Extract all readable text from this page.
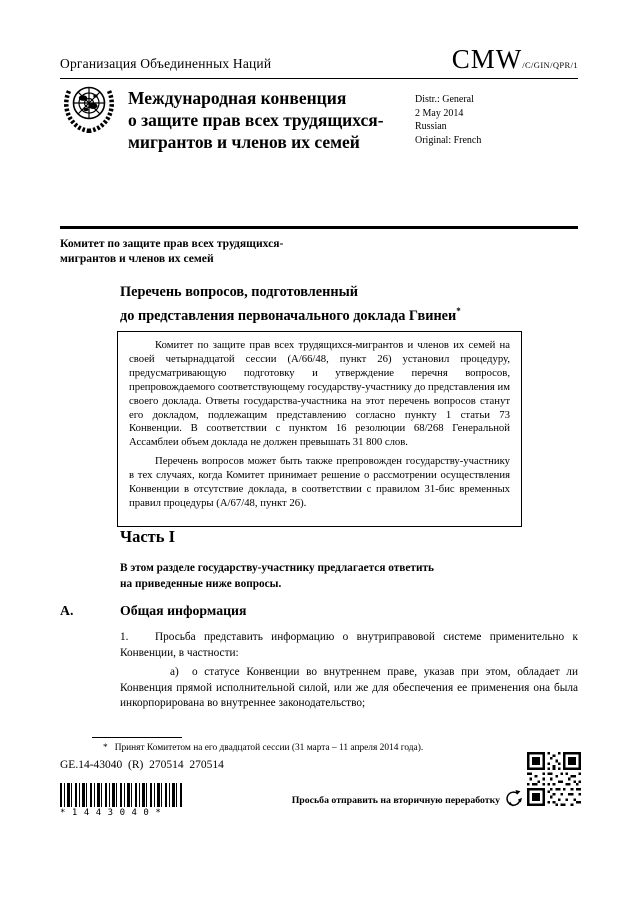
Организация Объединенных Наций	CMW/C/GIN/QPR/1
Международная конвенция
о защите прав всех трудящихся-
мигрантов и членов их семей
Distr.: General
2 May 2014
Russian
Original: French
Комитет по защите прав всех трудящихся-
мигрантов и членов их семей
Перечень вопросов, подготовленный
до представления первоначального доклада Гвинеи*

Комитет по защите прав всех трудящихся-мигрантов и членов их семей на своей четырнадцатой сессии (A/66/48, пункт 26) установил процедуру, предусматривающую подготовку и утверждение перечня вопросов, препровождаемого соответствующему государству-участнику до представления им своего доклада. Ответы государства-участника на этот перечень вопросов станут его докладом, подлежащим представлению согласно пункту 1 статьи 73 Конвенции. В соответствии с пунктом 16 резолюции 68/268 Генеральной Ассамблеи объем доклада не должен превышать 31 800 слов.

Перечень вопросов может быть также препровожден государству-участнику в тех случаях, когда Комитет принимает решение о рассмотрении осуществления Конвенции в отсутствие доклада, в соответствии с правилом 31-бис временных правил процедуры (A/67/48, пункт 26).

Часть I
В этом разделе государству-участнику предлагается ответить
на приведенные ниже вопросы.
A.	Общая информация
1. Просьба представить информацию о внутриправовой системе применительно к Конвенции, в частности:
a) о статусе Конвенции во внутреннем праве, указав при этом, обладает ли Конвенция прямой исполнительной силой, или же для обеспечения ее применения она была инкорпорирована во внутреннее законодательство;
* Принят Комитетом на его двадцатой сессии (31 марта – 11 апреля 2014 года).
GE.14-43040  (R)  270514  270514
*1443040*
Просьба отправить на вторичную переработку
